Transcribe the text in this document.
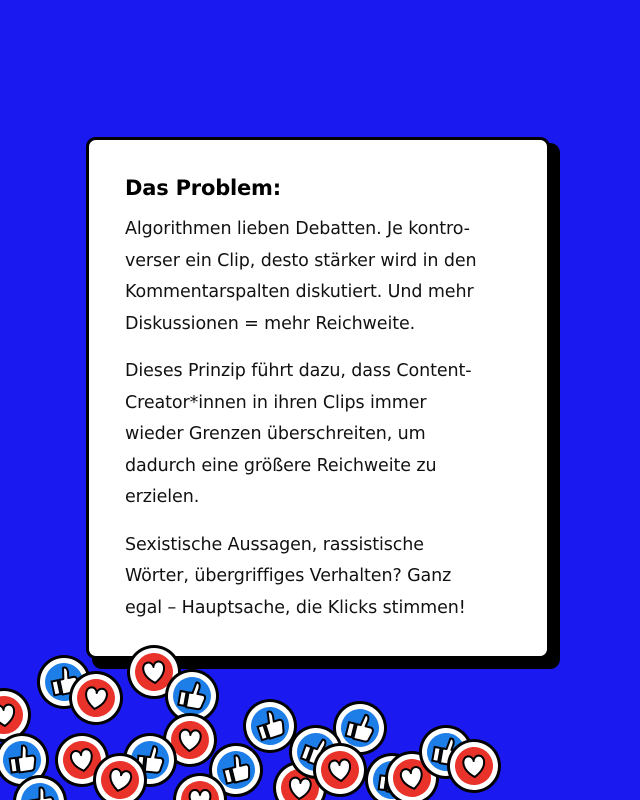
Das Problem:

Algorithmen lieben Debatten. Je kontro-
verser ein Clip, desto stärker wird in den
Kommentarspalten diskutiert. Und mehr
Diskussionen = mehr Reichweite.

Dieses Prinzip führt dazu, dass Content-
Creator*innen in ihren Clips immer
wieder Grenzen überschreiten, um
dadurch eine größere Reichweite zu
erzielen.

Sexistische Aussagen, rassistische
Wörter, übergriffiges Verhalten? Ganz
egal – Hauptsache, die Klicks stimmen!
